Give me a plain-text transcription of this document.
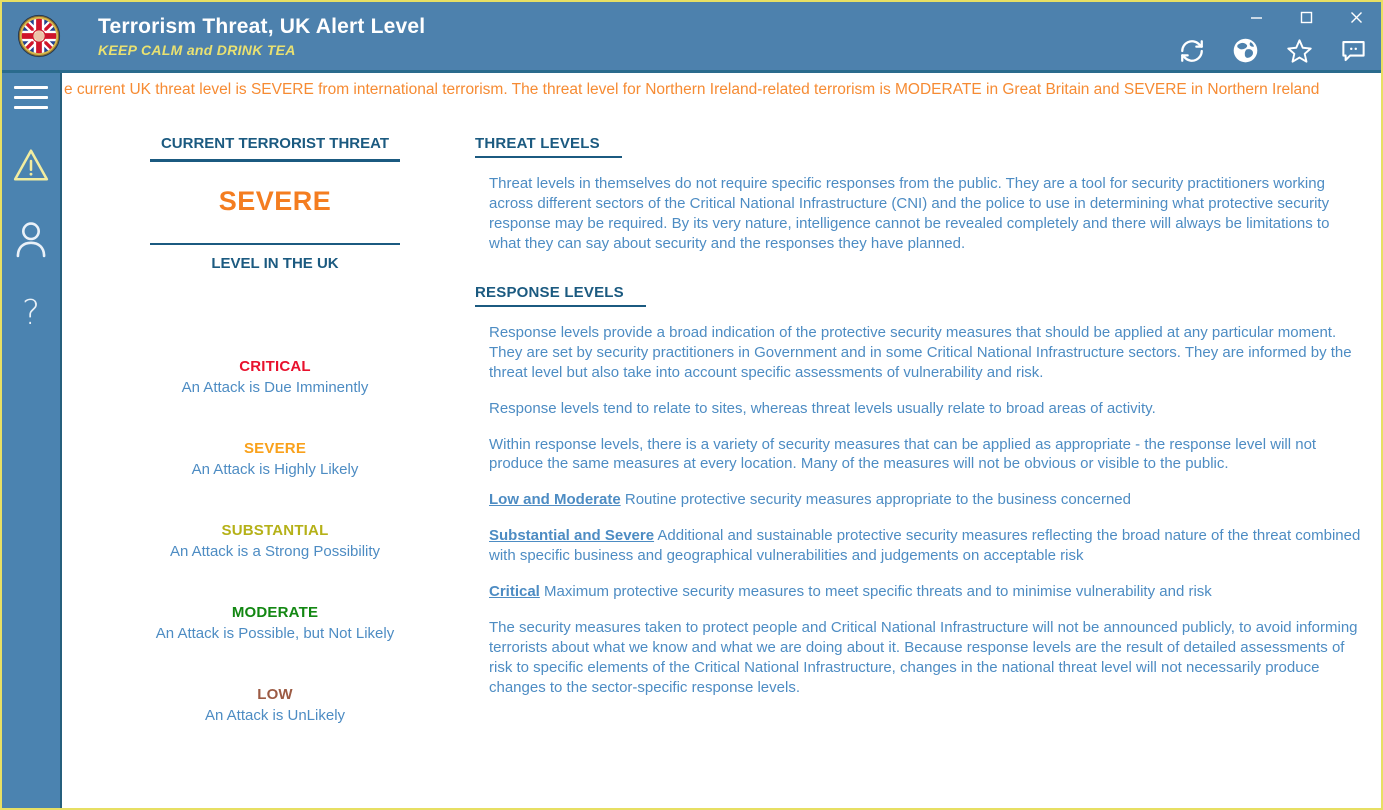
Terrorism Threat, UK Alert Level
KEEP CALM and DRINK TEA
?
e current UK threat level is SEVERE from international terrorism. The threat level for Northern Ireland-related terrorism is MODERATE in Great Britain and SEVERE in Northern Ireland
CURRENT TERRORIST THREAT
SEVERE
LEVEL IN THE UK
CRITICAL
An Attack is Due Imminently
SEVERE
An Attack is Highly Likely
SUBSTANTIAL
An Attack is a Strong Possibility
MODERATE
An Attack is Possible, but Not Likely
LOW
An Attack is UnLikely
THREAT LEVELS

Threat levels in themselves do not require specific responses from the public. They are a tool for security practitioners working across different sectors of the Critical National Infrastructure (CNI) and the police to use in determining what protective security response may be required. By its very nature, intelligence cannot be revealed completely and there will always be limitations to what they can say about security and the responses they have planned.

RESPONSE LEVELS

Response levels provide a broad indication of the protective security measures that should be applied at any particular moment. They are set by security practitioners in Government and in some Critical National Infrastructure sectors. They are informed by the threat level but also take into account specific assessments of vulnerability and risk.

Response levels tend to relate to sites, whereas threat levels usually relate to broad areas of activity.

Within response levels, there is a variety of security measures that can be applied as appropriate - the response level will not produce the same measures at every location. Many of the measures will not be obvious or visible to the public.

Low and Moderate Routine protective security measures appropriate to the business concerned

Substantial and Severe Additional and sustainable protective security measures reflecting the broad nature of the threat combined with specific business and geographical vulnerabilities and judgements on acceptable risk

Critical Maximum protective security measures to meet specific threats and to minimise vulnerability and risk

The security measures taken to protect people and Critical National Infrastructure will not be announced publicly, to avoid informing terrorists about what we know and what we are doing about it. Because response levels are the result of detailed assessments of risk to specific elements of the Critical National Infrastructure, changes in the national threat level will not necessarily produce changes to the sector-specific response levels.
